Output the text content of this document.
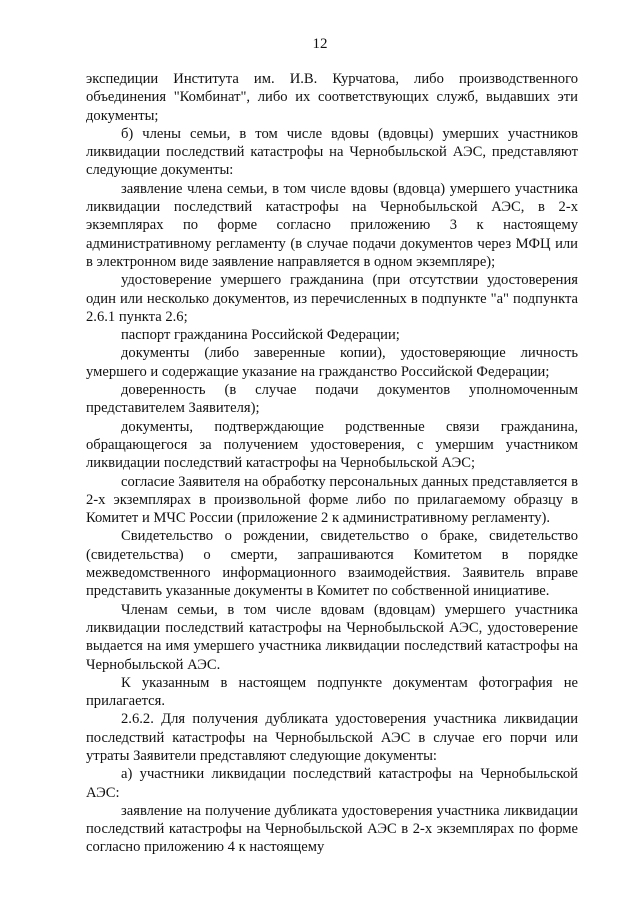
12

экспедиции Института им. И.В. Курчатова, либо производственного объединения "Комбинат", либо их соответствующих служб, выдавших эти документы;

б) члены семьи, в том числе вдовы (вдовцы) умерших участников ликвидации последствий катастрофы на Чернобыльской АЭС, представляют следующие документы:

заявление члена семьи, в том числе вдовы (вдовца) умершего участника ликвидации последствий катастрофы на Чернобыльской АЭС, в 2-х экземплярах по форме согласно приложению 3 к настоящему административному регламенту (в случае подачи документов через МФЦ или в электронном виде заявление направляется в одном экземпляре);

удостоверение умершего гражданина (при отсутствии удостоверения один или несколько документов, из перечисленных в подпункте "а" подпункта 2.6.1 пункта 2.6;

паспорт гражданина Российской Федерации;

документы (либо заверенные копии), удостоверяющие личность умершего и содержащие указание на гражданство Российской Федерации;

доверенность (в случае подачи документов уполномоченным представителем Заявителя);

документы, подтверждающие родственные связи гражданина, обращающегося за получением удостоверения, с умершим участником ликвидации последствий катастрофы на Чернобыльской АЭС;

согласие Заявителя на обработку персональных данных представляется в 2-х экземплярах в произвольной форме либо по прилагаемому образцу в Комитет и МЧС России (приложение 2 к административному регламенту).

Свидетельство о рождении, свидетельство о браке, свидетельство (свидетельства) о смерти, запрашиваются Комитетом в порядке межведомственного информационного взаимодействия. Заявитель вправе представить указанные документы в Комитет по собственной инициативе.

Членам семьи, в том числе вдовам (вдовцам) умершего участника ликвидации последствий катастрофы на Чернобыльской АЭС, удостоверение выдается на имя умершего участника ликвидации последствий катастрофы на Чернобыльской АЭС.

К указанным в настоящем подпункте документам фотография не прилагается.

2.6.2. Для получения дубликата удостоверения участника ликвидации последствий катастрофы на Чернобыльской АЭС в случае его порчи или утраты Заявители представляют следующие документы:

а) участники ликвидации последствий катастрофы на Чернобыльской АЭС:

заявление на получение дубликата удостоверения участника ликвидации последствий катастрофы на Чернобыльской АЭС в 2-х экземплярах по форме согласно приложению 4 к настоящему
